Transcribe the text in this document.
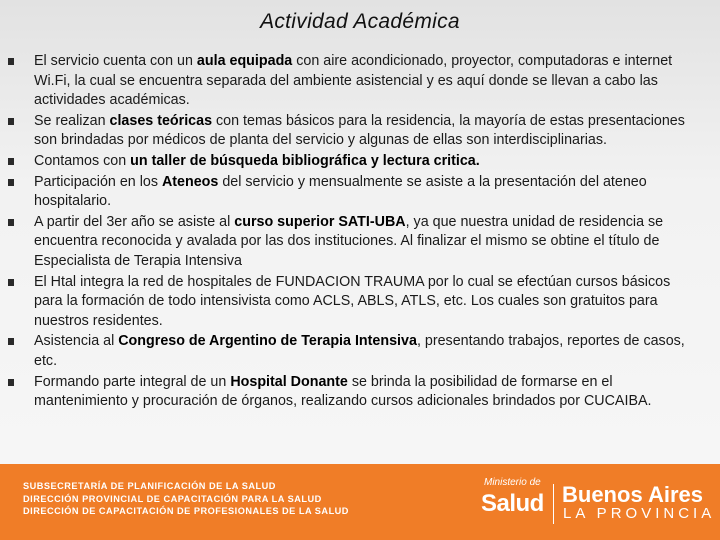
Actividad Académica
El servicio cuenta con un aula equipada con aire acondicionado, proyector, computadoras e internet Wi.Fi, la cual se encuentra separada del ambiente asistencial y es aquí donde se llevan a cabo las actividades académicas.
Se realizan clases teóricas con temas básicos para la residencia, la mayoría de estas presentaciones son brindadas por médicos de planta del servicio y algunas de ellas son interdisciplinarias.
Contamos con un taller de búsqueda bibliográfica y lectura critica.
Participación en los Ateneos del servicio y mensualmente se asiste a la presentación del ateneo hospitalario.
A partir del 3er año se asiste al curso superior SATI-UBA, ya que nuestra unidad de residencia se encuentra reconocida y avalada por las dos instituciones. Al finalizar el mismo se obtine el título de Especialista de Terapia Intensiva
El Htal integra la red de hospitales de FUNDACION TRAUMA por lo cual se efectúan cursos básicos para la formación de todo intensivista como ACLS, ABLS, ATLS, etc. Los cuales son gratuitos para nuestros residentes.
Asistencia al Congreso de Argentino de Terapia Intensiva, presentando trabajos, reportes de casos, etc.
Formando parte integral de un Hospital Donante se brinda la posibilidad de formarse en el mantenimiento y procuración de órganos, realizando cursos adicionales brindados por CUCAIBA.
SUBSECRETARÍA DE PLANIFICACIÓN DE LA SALUD
DIRECCIÓN PROVINCIAL DE CAPACITACIÓN PARA LA SALUD
DIRECCIÓN DE CAPACITACIÓN DE PROFESIONALES DE LA SALUD
Ministerio de
Salud Buenos Aires
LA PROVINCIA
